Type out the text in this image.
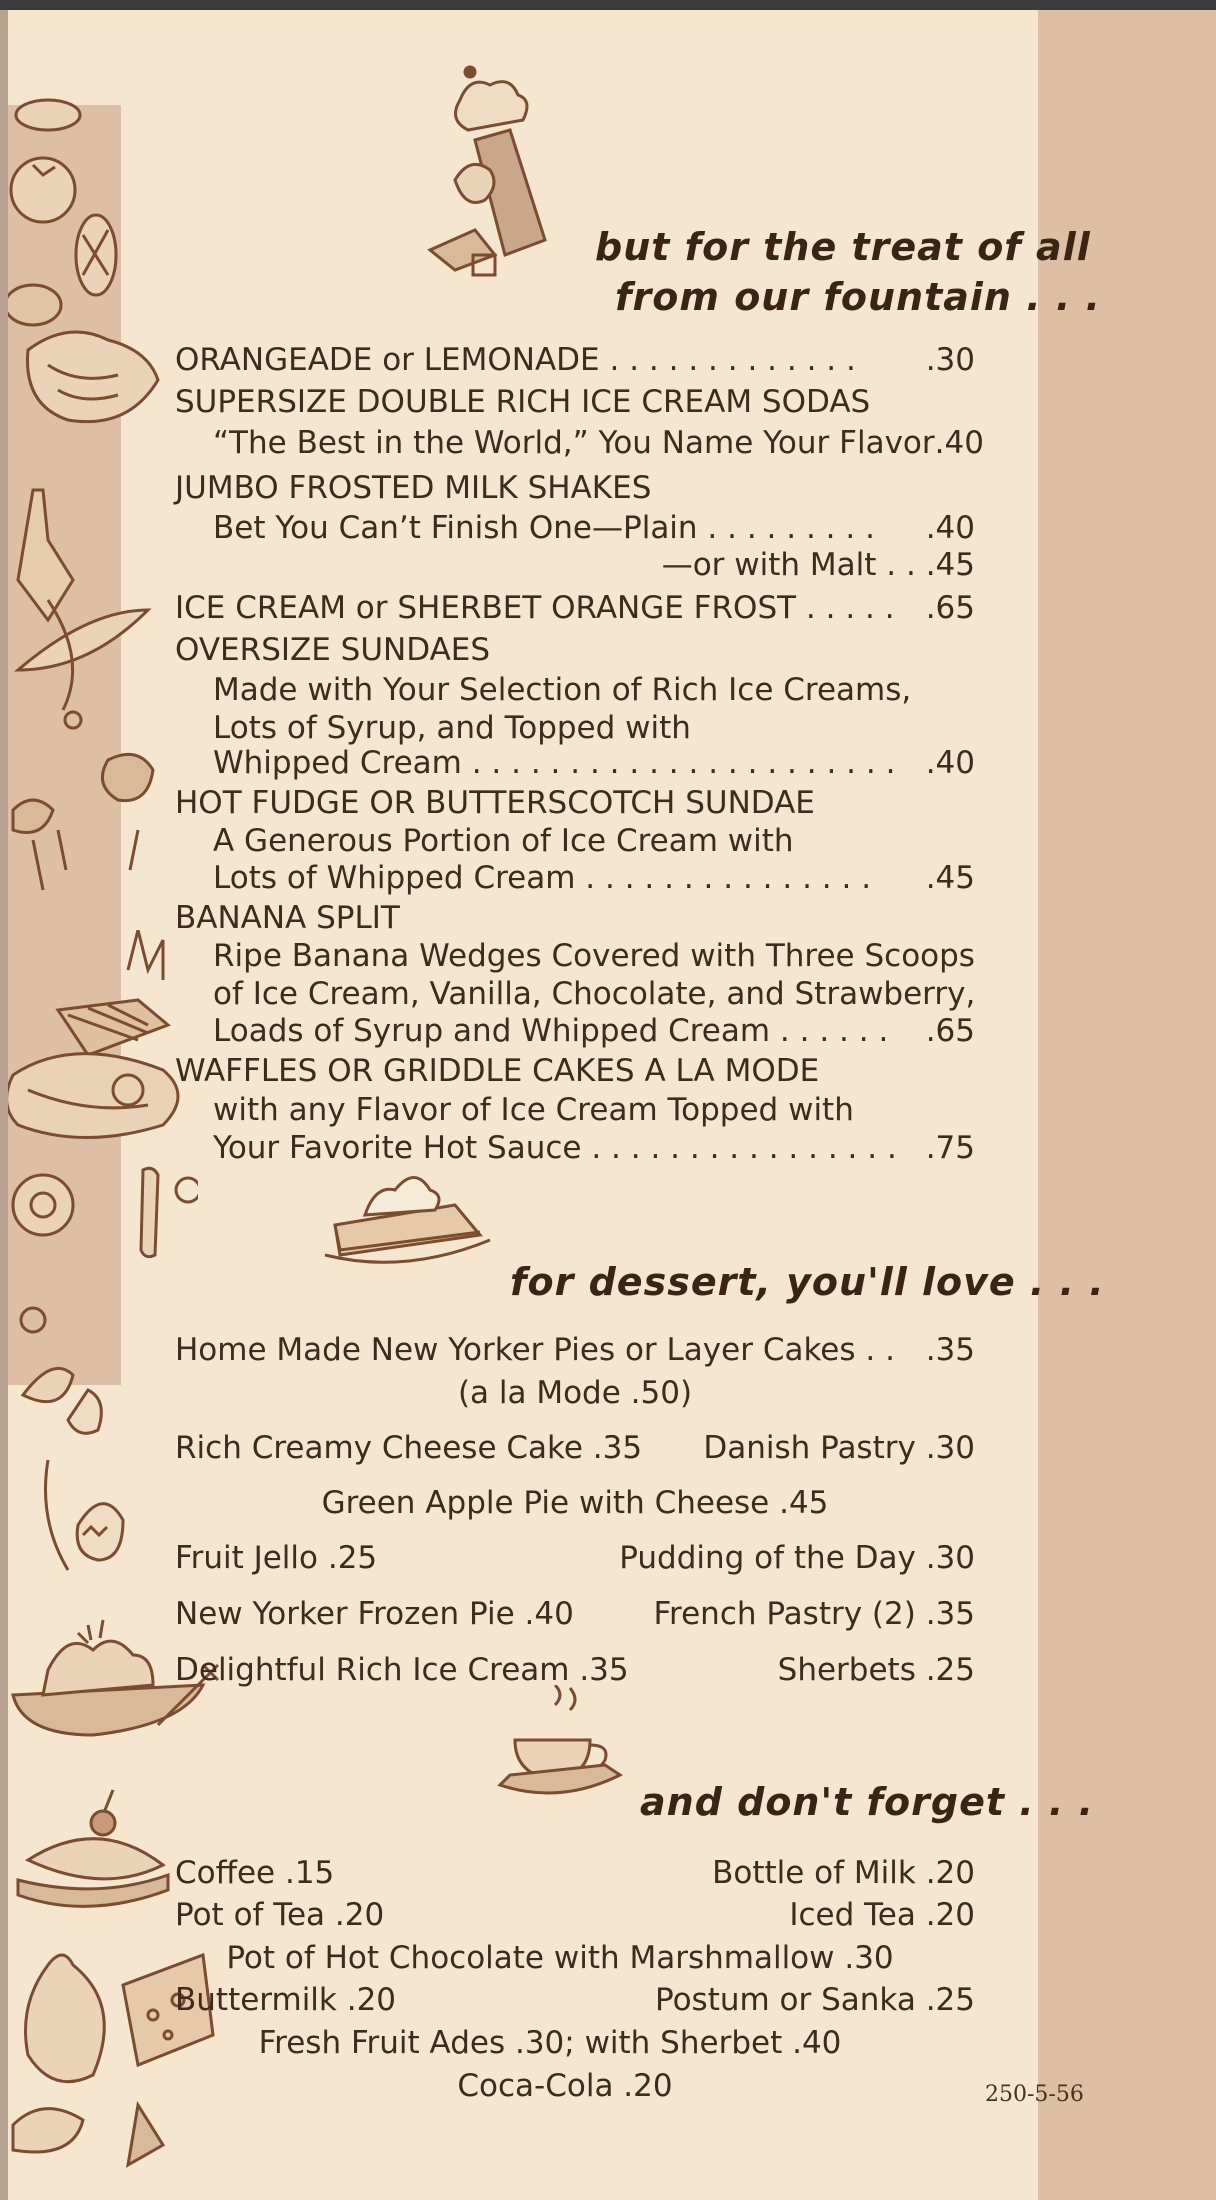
but for the treat of all
from our fountain . . .
ORANGEADE or LEMONADE . . . . . . . . . . . . . .30
SUPERSIZE DOUBLE RICH ICE CREAM SODAS
“The Best in the World,” You Name Your Flavor .40
JUMBO FROSTED MILK SHAKES
Bet You Can’t Finish One—Plain . . . . . . . . . .40
—or with Malt . . .45
ICE CREAM or SHERBET ORANGE FROST . . . . . .65
OVERSIZE SUNDAES
Made with Your Selection of Rich Ice Creams,
Lots of Syrup, and Topped with
Whipped Cream . . . . . . . . . . . . . . . . . . . . . . .40
HOT FUDGE OR BUTTERSCOTCH SUNDAE
A Generous Portion of Ice Cream with
Lots of Whipped Cream . . . . . . . . . . . . . . . .45
BANANA SPLIT
Ripe Banana Wedges Covered with Three Scoops
of Ice Cream, Vanilla, Chocolate, and Strawberry,
Loads of Syrup and Whipped Cream . . . . . . .65
WAFFLES OR GRIDDLE CAKES A LA MODE
with any Flavor of Ice Cream Topped with
Your Favorite Hot Sauce . . . . . . . . . . . . . . . . .75
for dessert, you'll love . . .
Home Made New Yorker Pies or Layer Cakes . . .35
(a la Mode .50)
Rich Creamy Cheese Cake .35 Danish Pastry .30
Green Apple Pie with Cheese .45
Fruit Jello .25	Pudding of the Day .30
New Yorker Frozen Pie .40	French Pastry (2) .35
Delightful Rich Ice Cream .35	Sherbets .25
and don't forget . . .
Coffee .15	Bottle of Milk .20
Pot of Tea .20	Iced Tea .20
Pot of Hot Chocolate with Marshmallow .30
Buttermilk .20	Postum or Sanka .25
Fresh Fruit Ades .30; with Sherbet .40
Coca-Cola .20	250-5-56
